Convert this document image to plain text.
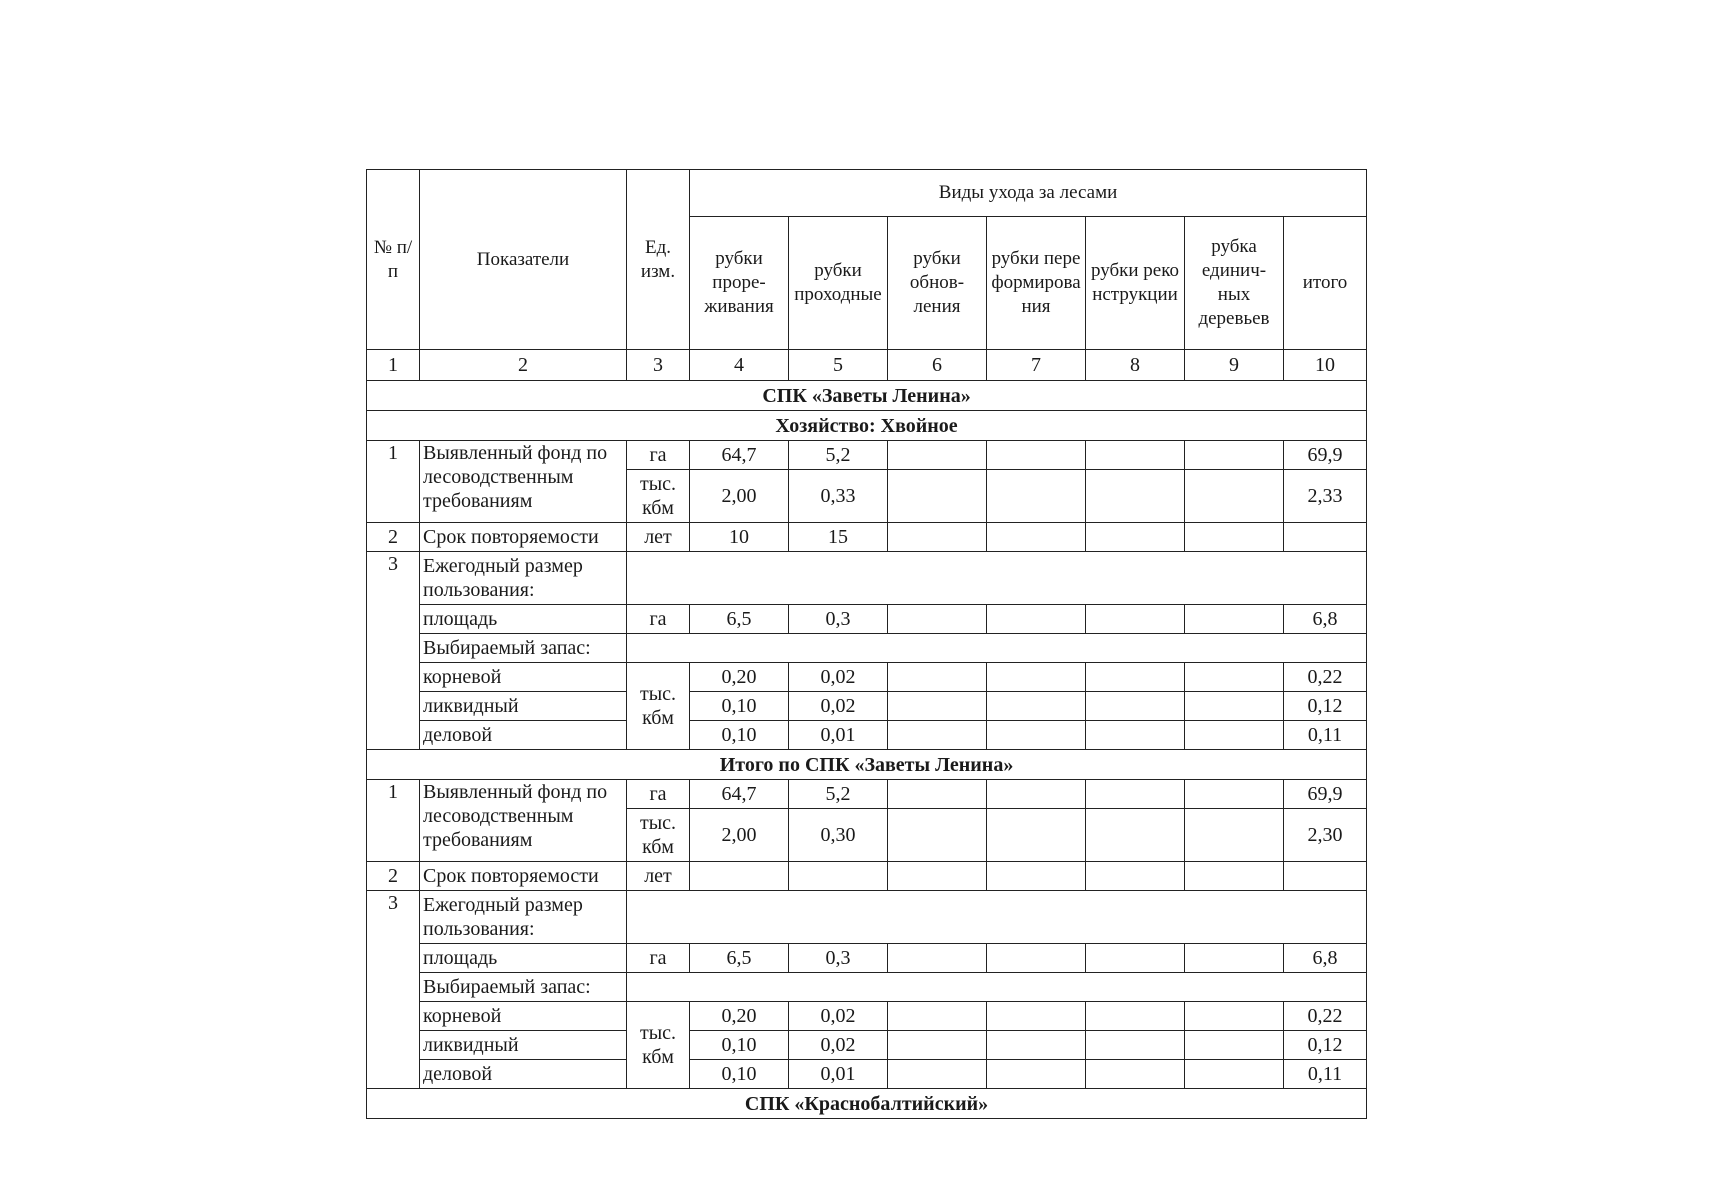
№ п/п	Показатели	Ед. изм.	Виды ухода за лесами						
			рубки проре-живания	рубки проходные	рубки обнов-ления	рубки переформирования	рубки реконструкции	рубка единич-ных деревьев	итого
1	2	3	4	5	6	7	8	9	10
СПК «Заветы Ленина»									
Хозяйство: Хвойное									
1	Выявленный фонд по лесоводственным требованиям	га	64,7	5,2					69,9
		тыс. кбм	2,00	0,33					2,33
2	Срок повторяемости	лет	10	15					
3	Ежегодный размер пользования:								
	площадь	га	6,5	0,3					6,8
	Выбираемый запас:								
	корневой	тыс. кбм	0,20	0,02					0,22
	ликвидный		0,10	0,02					0,12
	деловой		0,10	0,01					0,11
Итого по СПК «Заветы Ленина»									
1	Выявленный фонд по лесоводственным требованиям	га	64,7	5,2					69,9
		тыс. кбм	2,00	0,30					2,30
2	Срок повторяемости	лет							
3	Ежегодный размер пользования:								
	площадь	га	6,5	0,3					6,8
	Выбираемый запас:								
	корневой	тыс. кбм	0,20	0,02					0,22
	ликвидный		0,10	0,02					0,12
	деловой		0,10	0,01					0,11
СПК «Краснобалтийский»									
